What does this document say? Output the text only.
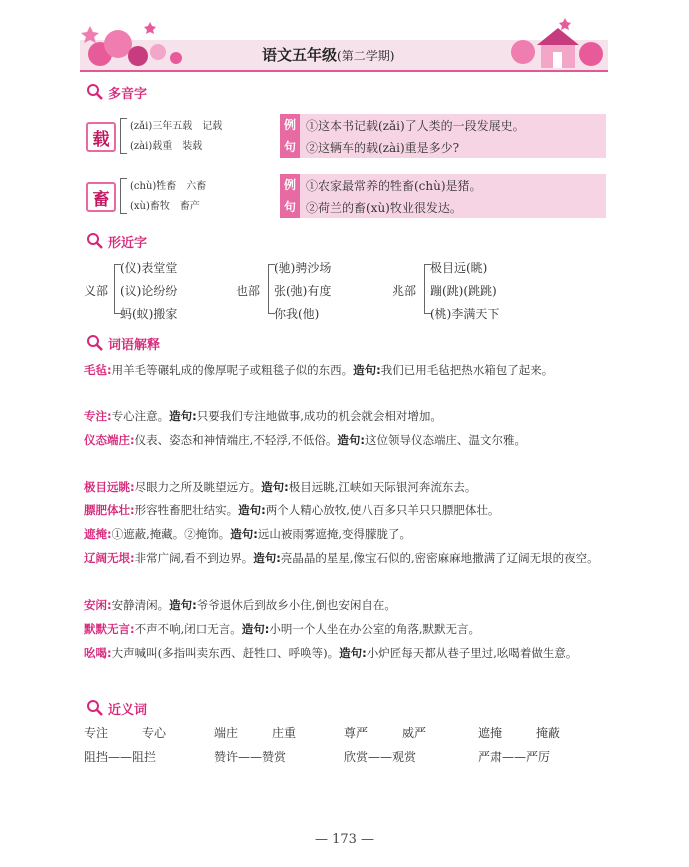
语文五年级(第二学期)
多音字
载
(zǎi)三年五载　记载
(zài)载重　装载
例
句
①这本书记载(zǎi)了人类的一段发展史。
②这辆车的载(zài)重是多少?
畜
(chù)牲畜　六畜
(xù)畜牧　畜产
例
句
①农家最常养的牲畜(chù)是猪。
②荷兰的畜(xù)牧业很发达。
形近字
义部
(仪)表堂堂
(议)论纷纷
蚂(蚁)搬家
也部
(驰)骋沙场
张(弛)有度
你我(他)
兆部
极目远(眺)
蹦(跳)(跳跳)
(桃)李满天下
词语解释
毛毡:用羊毛等碾轧成的像厚呢子或粗毯子似的东西。造句:我们已用毛毡把热水箱包了起来。
专注:专心注意。造句:只要我们专注地做事,成功的机会就会相对增加。
仪态端庄:仪表、姿态和神情端庄,不轻浮,不低俗。造句:这位领导仪态端庄、温文尔雅。
极目远眺:尽眼力之所及眺望远方。造句:极目远眺,江峡如天际银河奔流东去。
膘肥体壮:形容牲畜肥壮结实。造句:两个人精心放牧,使八百多只羊只只膘肥体壮。
遮掩:①遮蔽,掩藏。②掩饰。造句:远山被雨雾遮掩,变得朦胧了。
辽阔无垠:非常广阔,看不到边界。造句:亮晶晶的星星,像宝石似的,密密麻麻地撒满了辽阔无垠的夜空。
安闲:安静清闲。造句:爷爷退休后到故乡小住,倒也安闲自在。
默默无言:不声不响,闭口无言。造句:小明一个人坐在办公室的角落,默默无言。
吆喝:大声喊叫(多指叫卖东西、赶牲口、呼唤等)。造句:小炉匠每天都从巷子里过,吆喝着做生意。
近义词
专注	专心	端庄	庄重	尊严	威严	遮掩	掩蔽
阻挡——阻拦	赞许——赞赏	欣赏——观赏	严肃——严厉
— 173 —
